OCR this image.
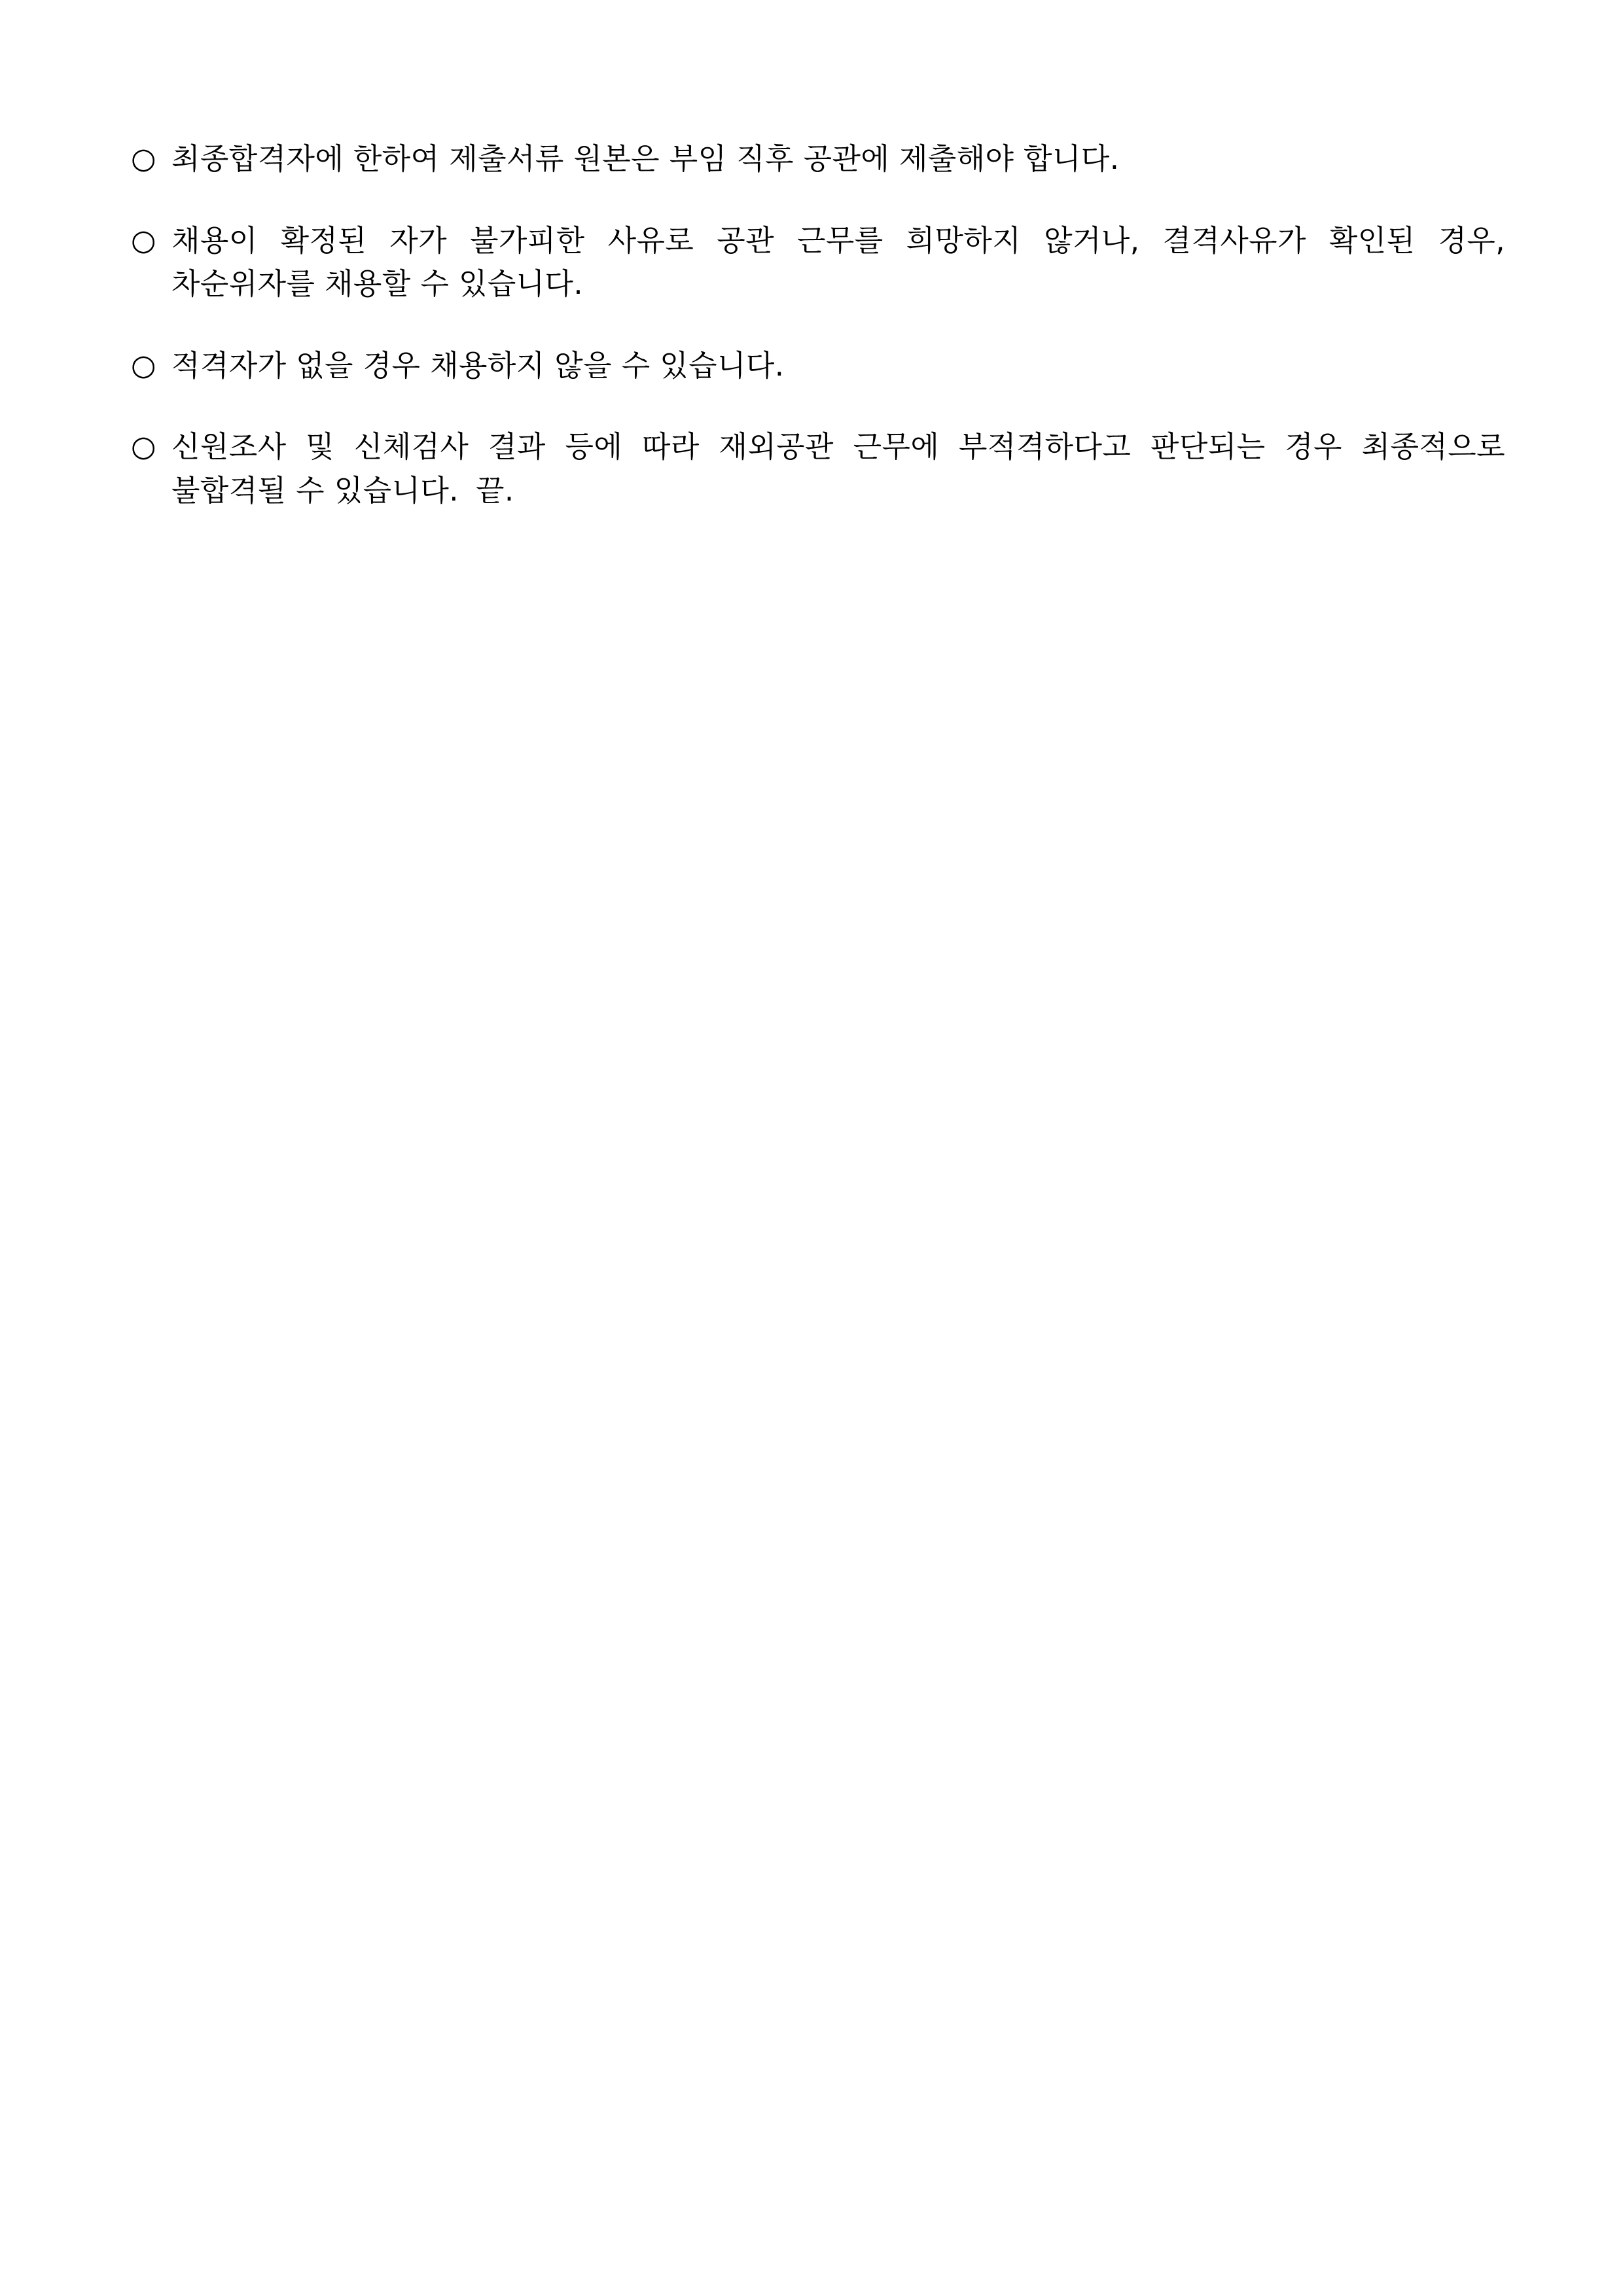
○ 최종합격자에 한하여 제출서류 원본은 부임 직후 공관에 제출해야 합니다.
○ 채용이 확정된 자가 불가피한 사유로 공관 근무를 희망하지 않거나, 결격사유가 확인된 경우, 차순위자를 채용할 수 있습니다.
○ 적격자가 없을 경우 채용하지 않을 수 있습니다.
○ 신원조사 및 신체검사 결과 등에 따라 재외공관 근무에 부적격하다고 판단되는 경우 최종적으로 불합격될 수 있습니다. 끝.
